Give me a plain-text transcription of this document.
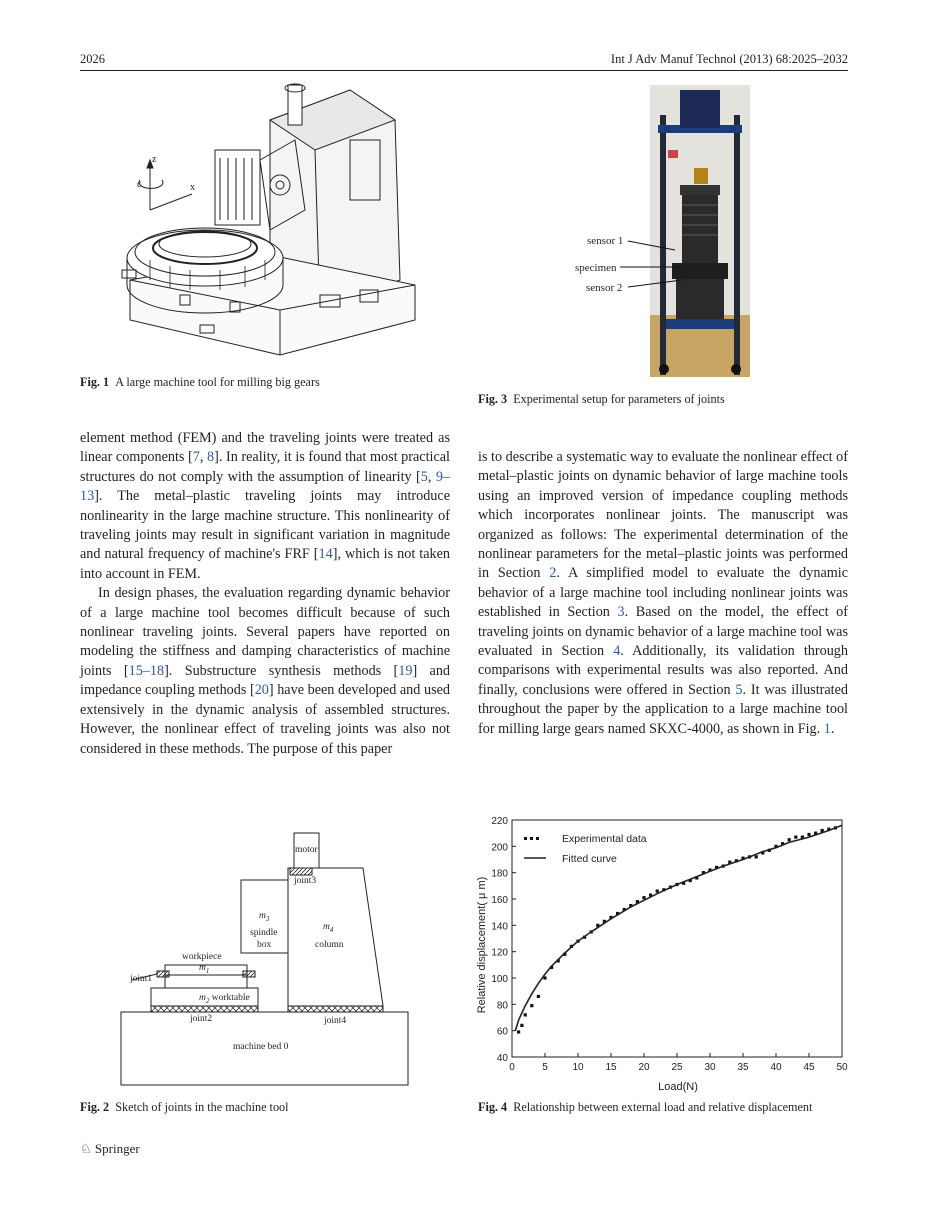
2026	Int J Adv Manuf Technol (2013) 68:2025–2032
z
c	x
Fig. 1 A large machine tool for milling big gears
sensor 1
specimen
sensor 2
Fig. 3 Experimental setup for parameters of joints

element method (FEM) and the traveling joints were treated as linear components [7, 8]. In reality, it is found that most practical structures do not comply with the assumption of linearity [5, 9–13]. The metal–plastic traveling joints may introduce nonlinearity in the large machine structure. This nonlinearity of traveling joints may result in significant variation in magnitude and natural frequency of machine's FRF [14], which is not taken into account in FEM.

In design phases, the evaluation regarding dynamic behavior of a large machine tool becomes difficult because of such nonlinear traveling joints. Several papers have reported on modeling the stiffness and damping characteristics of machine joints [15–18]. Substructure synthesis methods [19] and impedance coupling methods [20] have been developed and used extensively in the dynamic analysis of assembled structures. However, the nonlinear effect of traveling joints was also not considered in these methods. The purpose of this paper

is to describe a systematic way to evaluate the nonlinear effect of metal–plastic joints on dynamic behavior of large machine tools using an improved version of impedance coupling methods which incorporates nonlinear joints. The manuscript was organized as follows: The experimental determination of the nonlinear parameters for the metal–plastic joints was performed in Section 2. A simplified model to evaluate the dynamic behavior of a large machine tool including nonlinear joints was established in Section 3. Based on the model, the effect of traveling joints on dynamic behavior of a large machine tool was evaluated in Section 4. Additionally, its validation through comparisons with experimental results was also reported. And finally, conclusions were offered in Section 5. It was illustrated throughout the paper by the application to a large machine tool for milling large gears named SKXC-4000, as shown in Fig. 1.

motor
joint3
$m_3$
spindle
box
$m_4$
column
workpiece
$m_1$
joint1
$m_2$ worktable
joint2	joint4
machine bed 0
Fig. 2 Sketch of joints in the machine tool
0	5 10 15 20 25 30 35 40 45 50
40
60
80
100
120
140
160
180
200
220
Experimental data
Fitted curve
Load(N)
Relative displacement( μ m)
Fig. 4 Relationship between external load and relative displacement
♘ Springer
